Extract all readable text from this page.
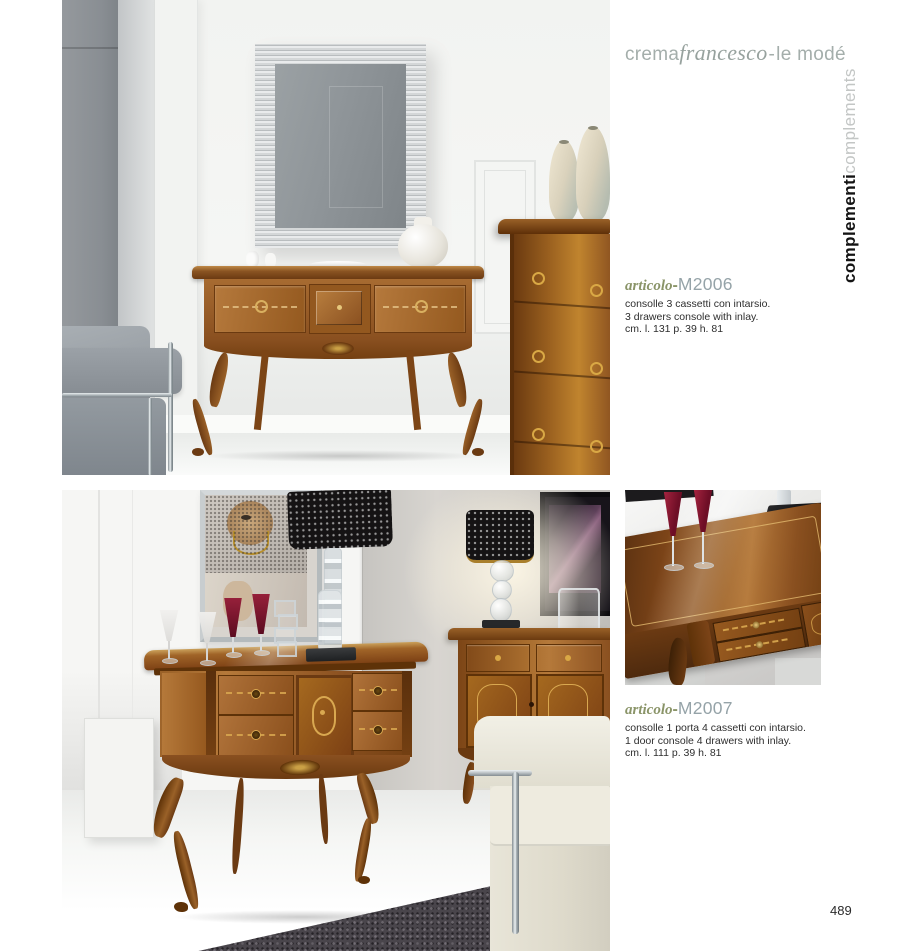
cremafrancesco-le modé
complementicomplements
articolo-M2006
consolle 3 cassetti con intarsio.
3 drawers console with inlay.
cm. l. 131 p. 39 h. 81
articolo-M2007
consolle 1 porta 4 cassetti con intarsio.
1 door console 4 drawers with inlay.
cm. l. 111 p. 39 h. 81
489
